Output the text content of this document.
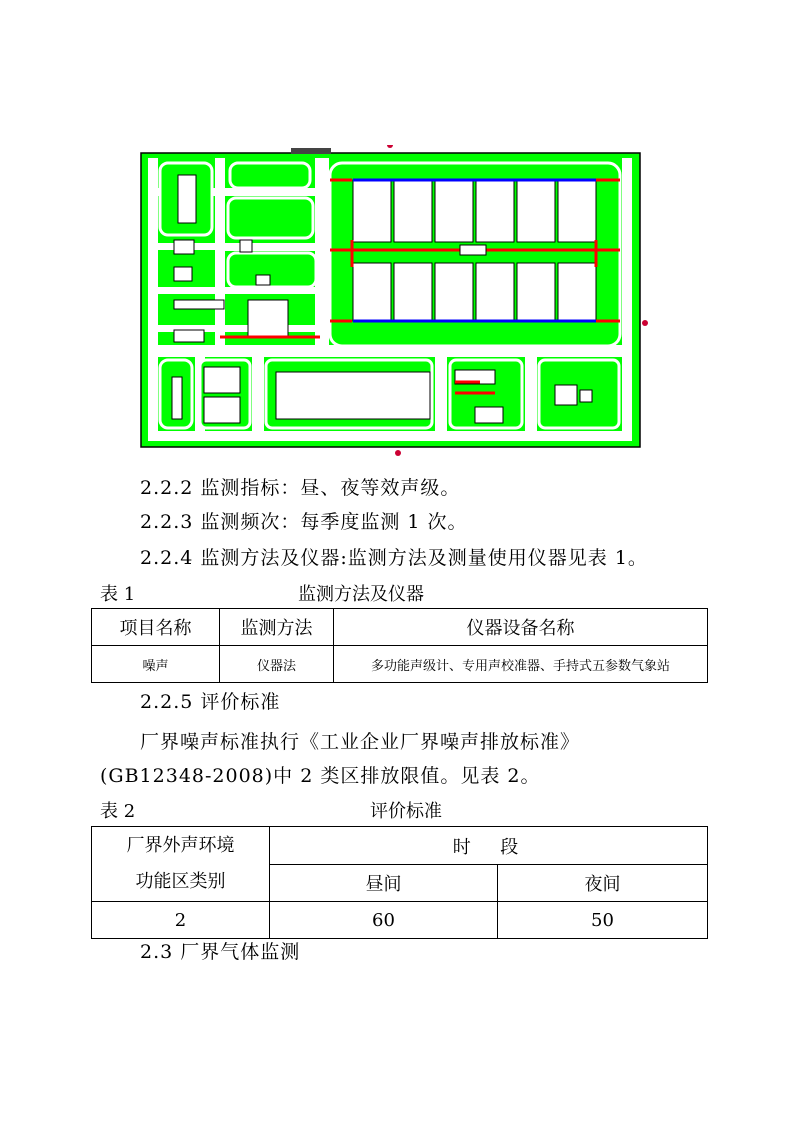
2.2.2 监测指标：昼、夜等效声级。
2.2.3 监测频次：每季度监测 1 次。
2.2.4 监测方法及仪器:监测方法及测量使用仪器见表 1。
表 1	监测方法及仪器
项目名称	监测方法	仪器设备名称
噪声	仪器法	多功能声级计、专用声校准器、手持式五参数气象站
2.2.5 评价标准
厂界噪声标准执行《工业企业厂界噪声排放标准》
(GB12348-2008)中 2 类区排放限值。见表 2。
表 2	评价标准
厂界外声环境
功能区类别	时  段	
	昼间	夜间
2	60	50
2.3 厂界气体监测
